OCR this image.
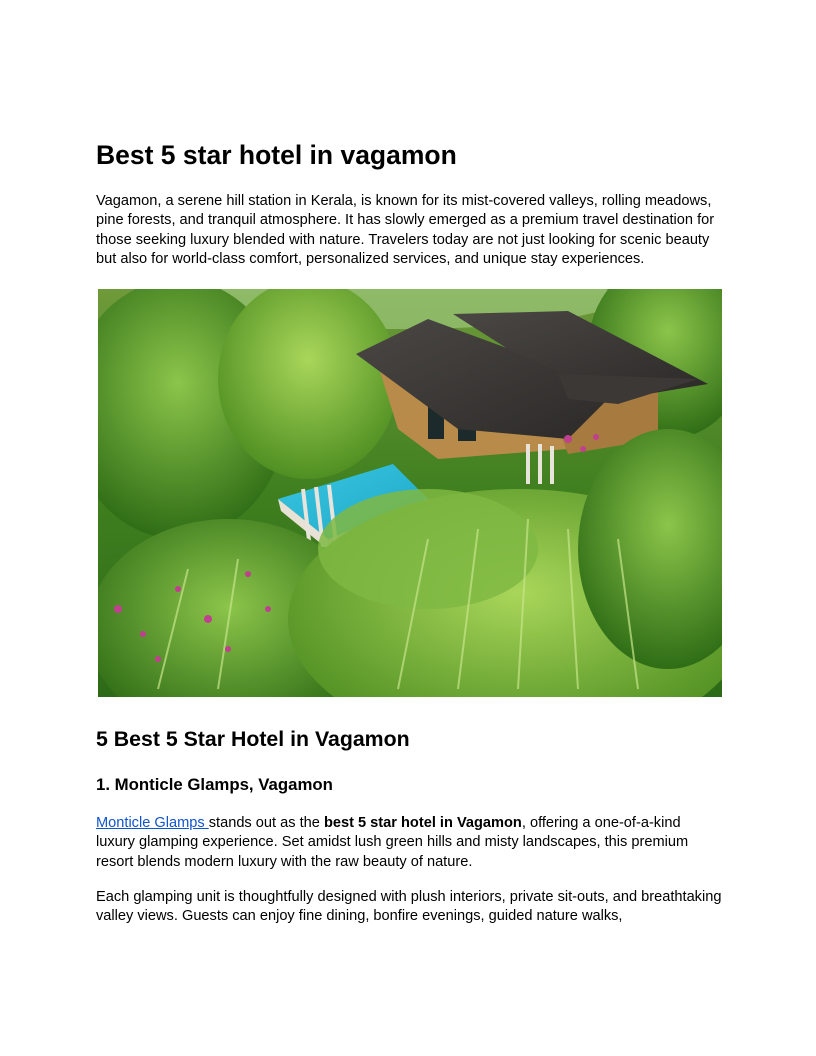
Best 5 star hotel in vagamon

Vagamon, a serene hill station in Kerala, is known for its mist-covered valleys, rolling meadows, pine forests, and tranquil atmosphere. It has slowly emerged as a premium travel destination for those seeking luxury blended with nature. Travelers today are not just looking for scenic beauty but also for world-class comfort, personalized services, and unique stay experiences.

5 Best 5 Star Hotel in Vagamon
1. Monticle Glamps, Vagamon

Monticle Glamps stands out as the best 5 star hotel in Vagamon, offering a one-of-a-kind luxury glamping experience. Set amidst lush green hills and misty landscapes, this premium resort blends modern luxury with the raw beauty of nature.

Each glamping unit is thoughtfully designed with plush interiors, private sit-outs, and breathtaking valley views. Guests can enjoy fine dining, bonfire evenings, guided nature walks,
